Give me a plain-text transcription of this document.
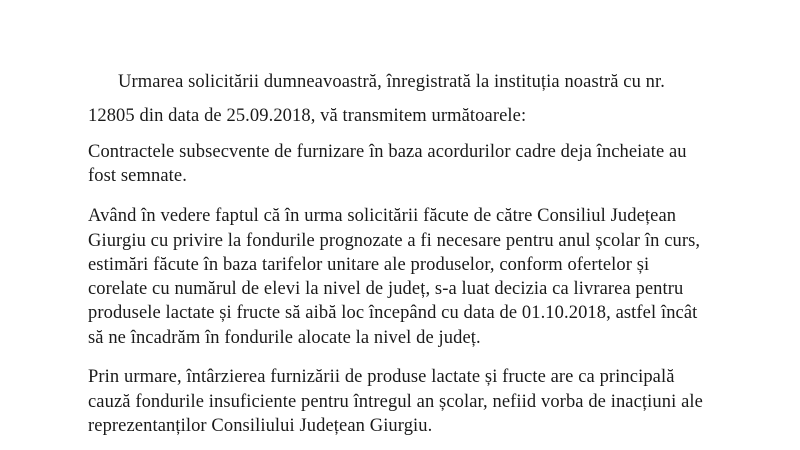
Urmarea solicitării dumneavoastră, înregistrată la instituția noastră cu nr.
12805 din data de 25.09.2018, vă transmitem următoarele:
Contractele subsecvente de furnizare în baza acordurilor cadre deja încheiate au
fost semnate.
Având în vedere faptul că în urma solicitării făcute de către Consiliul Județean
Giurgiu cu privire la fondurile prognozate a fi necesare pentru anul școlar în curs,
estimări făcute în baza tarifelor unitare ale produselor, conform ofertelor și
corelate cu numărul de elevi la nivel de județ, s-a luat decizia ca livrarea pentru
produsele lactate și fructe să aibă loc începând cu data de 01.10.2018, astfel încât
să ne încadrăm în fondurile alocate la nivel de județ.
Prin urmare, întârzierea furnizării de produse lactate și fructe are ca principală
cauză fondurile insuficiente pentru întregul an școlar, nefiid vorba de inacțiuni ale
reprezentanților Consiliului Județean Giurgiu.
